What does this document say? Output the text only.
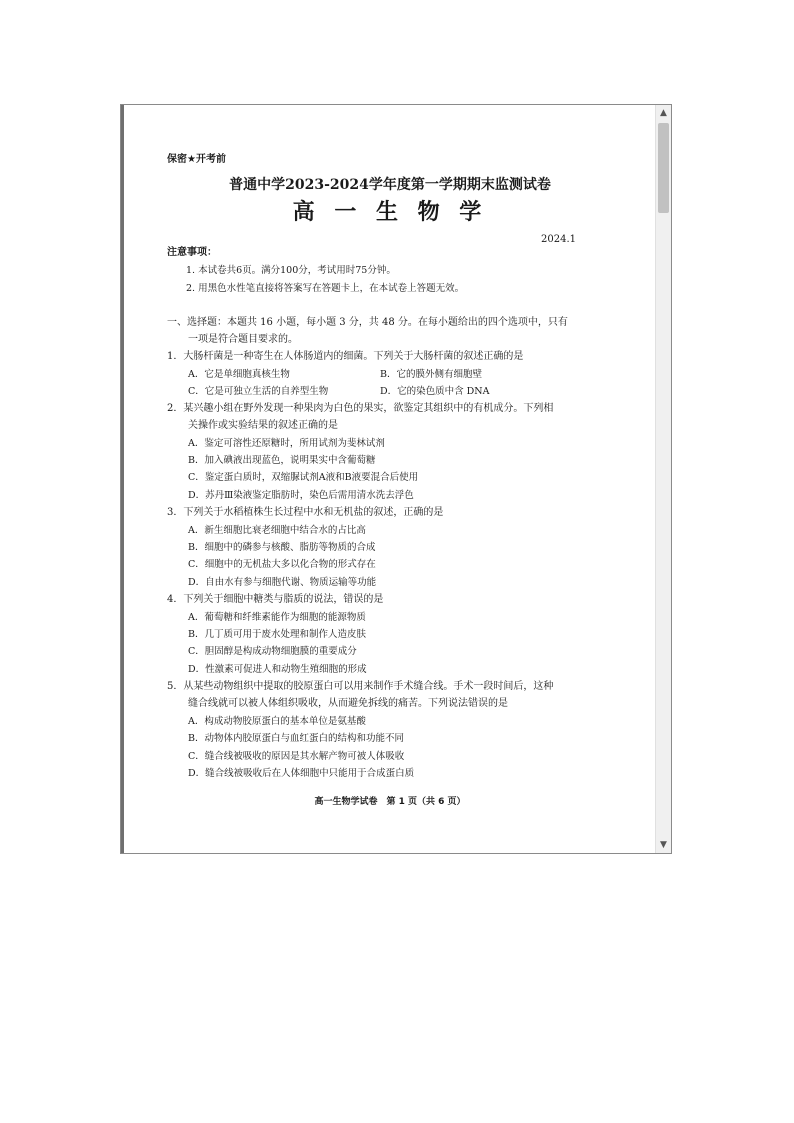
保密★开考前
普通中学2023-2024学年度第一学期期末监测试卷
高 一 生 物 学
2024.1
注意事项：
1. 本试卷共6页。满分100分，考试用时75分钟。
2. 用黑色水性笔直接将答案写在答题卡上，在本试卷上答题无效。
一、选择题：本题共 16 小题，每小题 3 分，共 48 分。在每小题给出的四个选项中，只有
一项是符合题目要求的。
1．大肠杆菌是一种寄生在人体肠道内的细菌。下列关于大肠杆菌的叙述正确的是
A．它是单细胞真核生物	B．它的膜外侧有细胞壁
C．它是可独立生活的自养型生物	D．它的染色质中含 DNA
2．某兴趣小组在野外发现一种果肉为白色的果实，欲鉴定其组织中的有机成分。下列相
关操作或实验结果的叙述正确的是
A．鉴定可溶性还原糖时，所用试剂为斐林试剂
B．加入碘液出现蓝色，说明果实中含葡萄糖
C．鉴定蛋白质时，双缩脲试剂A液和B液要混合后使用
D．苏丹Ⅲ染液鉴定脂肪时，染色后需用清水洗去浮色
3．下列关于水稻植株生长过程中水和无机盐的叙述，正确的是
A．新生细胞比衰老细胞中结合水的占比高
B．细胞中的磷参与核酸、脂肪等物质的合成
C．细胞中的无机盐大多以化合物的形式存在
D．自由水有参与细胞代谢、物质运输等功能
4．下列关于细胞中糖类与脂质的说法，错误的是
A．葡萄糖和纤维素能作为细胞的能源物质
B．几丁质可用于废水处理和制作人造皮肤
C．胆固醇是构成动物细胞膜的重要成分
D．性激素可促进人和动物生殖细胞的形成
5．从某些动物组织中提取的胶原蛋白可以用来制作手术缝合线。手术一段时间后，这种
缝合线就可以被人体组织吸收，从而避免拆线的痛苦。下列说法错误的是
A．构成动物胶原蛋白的基本单位是氨基酸
B．动物体内胶原蛋白与血红蛋白的结构和功能不同
C．缝合线被吸收的原因是其水解产物可被人体吸收
D．缝合线被吸收后在人体细胞中只能用于合成蛋白质
高一生物学试卷　第 1 页（共 6 页）
▲
▼
